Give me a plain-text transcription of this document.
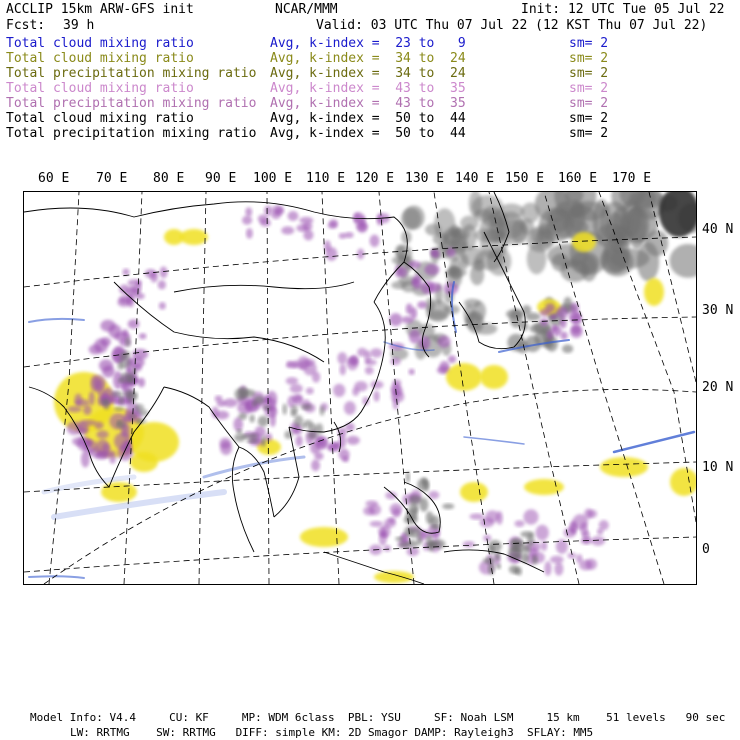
ACCLIP 15km ARW-GFS init	NCAR/MMM	Init: 12 UTC Tue 05 Jul 22
Fcst: 39 h	Valid: 03 UTC Thu 07 Jul 22 (12 KST Thu 07 Jul 22)
Total cloud mixing ratio	Avg, k-index =  23 to   9	sm= 2
Total cloud mixing ratio	Avg, k-index =  34 to  24	sm= 2
Total precipitation mixing ratio Avg, k-index =  34 to  24	sm= 2
Total cloud mixing ratio	Avg, k-index =  43 to  35	sm= 2
Total precipitation mixing ratio Avg, k-index =  43 to  35	sm= 2
Total cloud mixing ratio	Avg, k-index =  50 to  44	sm= 2
Total precipitation mixing ratio Avg, k-index =  50 to  44	sm= 2
60 E 70 E 80 E 90 E 100 E 110 E 120 E 130 E 140 E 150 E 160 E 170 E
40 N
30 N
20 N
10 N
0
Model Info: V4.4     CU: KF     MP: WDM 6class  PBL: YSU     SF: Noah LSM     15 km    51 levels   90 sec
LW: RRTMG    SW: RRTMG   DIFF: simple KM: 2D Smagor DAMP: Rayleigh3  SFLAY: MM5
